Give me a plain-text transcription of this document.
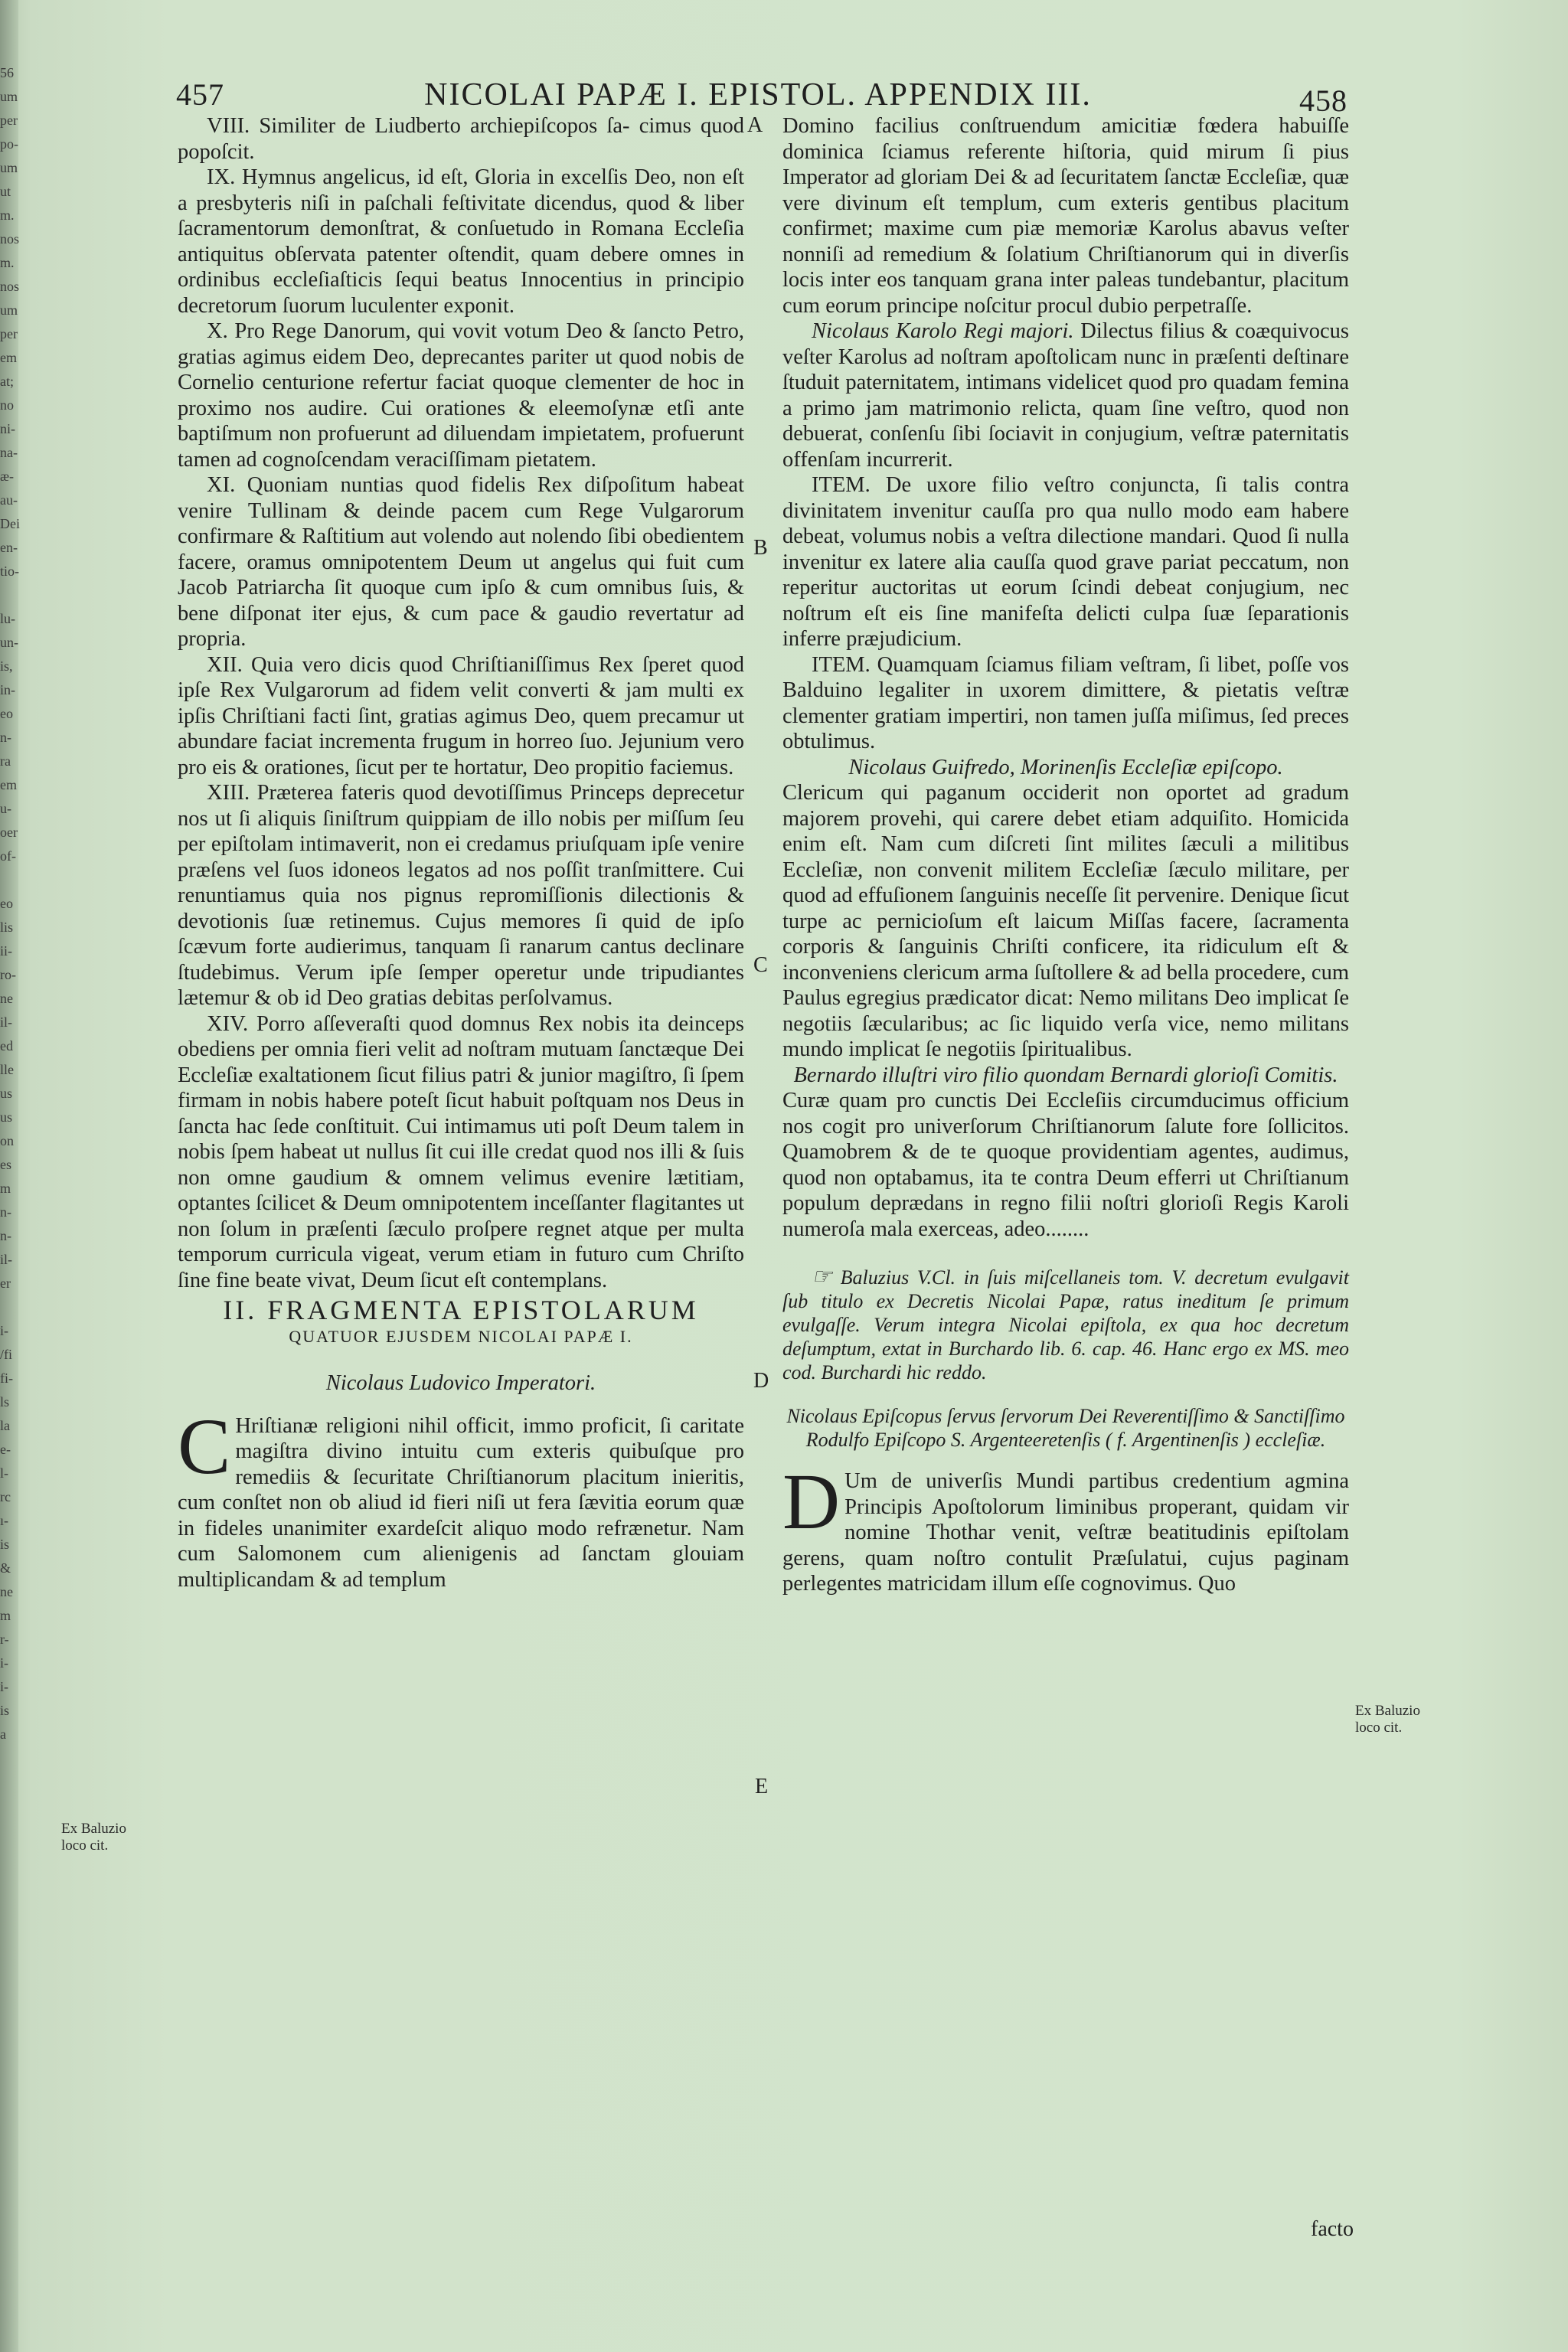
56
um
per
po-
um
ut
m.
nos
m.
nos
um
per
em
at;
no
ni-
na-
æ-
au-
Dei
en-
tio-
lu-
un-
is,
in-
eo
n-
ra
em
u-
oer
of-
eo
lis
ii-
ro-
ne
il-
ed
lle
us
us
on
es
m
n-
n-
il-
er
i-
/fi
fi-
ls
la
e-
l-
rc
ı-
is
&
ne
m
r-
i-
i-
is
a
457	NICOLAI PAPÆ I. EPISTOL. APPENDIX III.	458
A
B
C
D
E
Ex Baluzio loco cit.
Ex Baluzio loco cit.

VIII. Similiter de Liudberto archiepiſcopos ſa- cimus quod popoſcit.

IX. Hymnus angelicus, id eſt, Gloria in excelſis Deo, non eſt a presbyteris niſi in paſchali feſtivitate dicendus, quod & liber ſacramentorum demonſtrat, & conſuetudo in Romana Eccleſia antiquitus obſervata patenter oſtendit, quam debere omnes in ordinibus eccleſiaſticis ſequi beatus Innocentius in principio decretorum ſuorum luculenter exponit.

X. Pro Rege Danorum, qui vovit votum Deo & ſancto Petro, gratias agimus eidem Deo, deprecantes pariter ut quod nobis de Cornelio centurione refertur faciat quoque clementer de hoc in proximo nos audire. Cui orationes & eleemoſynæ etſi ante baptiſmum non profuerunt ad diluendam impietatem, profuerunt tamen ad cognoſcendam veraciſſimam pietatem.

XI. Quoniam nuntias quod fidelis Rex diſpoſitum habeat venire Tullinam & deinde pacem cum Rege Vulgarorum confirmare & Raſtitium aut volendo aut nolendo ſibi obedientem facere, oramus omnipotentem Deum ut angelus qui fuit cum Jacob Patriarcha ſit quoque cum ipſo & cum omnibus ſuis, & bene diſponat iter ejus, & cum pace & gaudio revertatur ad propria.

XII. Quia vero dicis quod Chriſtianiſſimus Rex ſperet quod ipſe Rex Vulgarorum ad fidem velit converti & jam multi ex ipſis Chriſtiani facti ſint, gratias agimus Deo, quem precamur ut abundare faciat incrementa frugum in horreo ſuo. Jejunium vero pro eis & orationes, ſicut per te hortatur, Deo propitio faciemus.

XIII. Præterea fateris quod devotiſſimus Princeps deprecetur nos ut ſi aliquis ſiniſtrum quippiam de illo nobis per miſſum ſeu per epiſtolam intimaverit, non ei credamus priuſquam ipſe venire præſens vel ſuos idoneos legatos ad nos poſſit tranſmittere. Cui renuntiamus quia nos pignus repromiſſionis dilectionis & devotionis ſuæ retinemus. Cujus memores ſi quid de ipſo ſcævum forte audierimus, tanquam ſi ranarum cantus declinare ſtudebimus. Verum ipſe ſemper operetur unde tripudiantes lætemur & ob id Deo gratias debitas perſolvamus.

XIV. Porro aſſeveraſti quod domnus Rex nobis ita deinceps obediens per omnia fieri velit ad noſtram mutuam ſanctæque Dei Eccleſiæ exaltationem ſicut filius patri & junior magiſtro, ſi ſpem firmam in nobis habere poteſt ſicut habuit poſtquam nos Deus in ſancta hac ſede conſtituit. Cui intimamus uti poſt Deum talem in nobis ſpem habeat ut nullus ſit cui ille credat quod nos illi & ſuis non omne gaudium & omnem velimus evenire lætitiam, optantes ſcilicet & Deum omnipotentem inceſſanter flagitantes ut non ſolum in præſenti ſæculo proſpere regnet atque per multa temporum curricula vigeat, verum etiam in futuro cum Chriſto ſine fine beate vivat, Deum ſicut eſt contemplans.

II. FRAGMENTA EPISTOLARUM

QUATUOR EJUSDEM NICOLAI PAPÆ I.

Nicolaus Ludovico Imperatori.

C Hriſtianæ religioni nihil officit, immo proficit, ſi caritate magiſtra divino intuitu cum exteris quibuſque pro remediis & ſecuritate Chriſtianorum placitum inieritis, cum conſtet non ob aliud id fieri niſi ut fera ſævitia eorum quæ in fideles unanimiter exardeſcit aliquo modo refrænetur. Nam cum Salomonem cum alienigenis ad ſanctam glouiam multiplicandam & ad templum

Domino facilius conſtruendum amicitiæ fœdera habuiſſe dominica ſciamus referente hiſtoria, quid mirum ſi pius Imperator ad gloriam Dei & ad ſecuritatem ſanctæ Eccleſiæ, quæ vere divinum eſt templum, cum exteris gentibus placitum confirmet; maxime cum piæ memoriæ Karolus abavus veſter nonniſi ad remedium & ſolatium Chriſtianorum qui in diverſis locis inter eos tanquam grana inter paleas tundebantur, placitum cum eorum principe noſcitur procul dubio perpetraſſe.

Nicolaus Karolo Regi majori. Dilectus filius & coæquivocus veſter Karolus ad noſtram apoſtolicam nunc in præſenti deſtinare ſtuduit paternitatem, intimans videlicet quod pro quadam femina a primo jam matrimonio relicta, quam ſine veſtro, quod non debuerat, conſenſu ſibi ſociavit in conjugium, veſtræ paternitatis offenſam incurrerit.

ITEM. De uxore filio veſtro conjuncta, ſi talis contra divinitatem invenitur cauſſa pro qua nullo modo eam habere debeat, volumus nobis a veſtra dilectione mandari. Quod ſi nulla invenitur ex latere alia cauſſa quod grave pariat peccatum, non reperitur auctoritas ut eorum ſcindi debeat conjugium, nec noſtrum eſt eis ſine manifeſta delicti culpa ſuæ ſeparationis inferre præjudicium.

ITEM. Quamquam ſciamus filiam veſtram, ſi libet, poſſe vos Balduino legaliter in uxorem dimittere, & pietatis veſtræ clementer gratiam impertiri, non tamen juſſa miſimus, ſed preces obtulimus.

Nicolaus Guifredo, Morinenſis Eccleſiæ epiſcopo.

Clericum qui paganum occiderit non oportet ad gradum majorem provehi, qui carere debet etiam adquiſito. Homicida enim eſt. Nam cum diſcreti ſint milites ſæculi a militibus Eccleſiæ, non convenit militem Eccleſiæ ſæculo militare, per quod ad effuſionem ſanguinis neceſſe ſit pervenire. Denique ſicut turpe ac pernicioſum eſt laicum Miſſas facere, ſacramenta corporis & ſanguinis Chriſti conficere, ita ridiculum eſt & inconveniens clericum arma ſuſtollere & ad bella procedere, cum Paulus egregius prædicator dicat: Nemo militans Deo implicat ſe negotiis ſæcularibus; ac ſic liquido verſa vice, nemo militans mundo implicat ſe negotiis ſpiritualibus.

Bernardo illuſtri viro filio quondam Bernardi glorioſi Comitis.

Curæ quam pro cunctis Dei Eccleſiis circumducimus officium nos cogit pro univerſorum Chriſtianorum ſalute fore ſollicitos. Quamobrem & de te quoque providentiam agentes, audimus, quod non optabamus, ita te contra Deum efferri ut Chriſtianum populum deprædans in regno filii noſtri glorioſi Regis Karoli numeroſa mala exerceas, adeo........

☞ Baluzius V.Cl. in ſuis miſcellaneis tom. V. decretum evulgavit ſub titulo ex Decretis Nicolai Papæ, ratus ineditum ſe primum evulgaſſe. Verum integra Nicolai epiſtola, ex qua hoc decretum deſumptum, extat in Burchardo lib. 6. cap. 46. Hanc ergo ex MS. meo cod. Burchardi hic reddo.

Nicolaus Epiſcopus ſervus ſervorum Dei Reverentiſſimo & Sanctiſſimo Rodulfo Epiſcopo S. Argenteeretenſis ( f. Argentinenſis ) eccleſiæ.

D Um de univerſis Mundi partibus credentium agmina Principis Apoſtolorum liminibus properant, quidam vir nomine Thothar venit, veſtræ beatitudinis epiſtolam gerens, quam noſtro contulit Præſulatui, cujus paginam perlegentes matricidam illum eſſe cognovimus. Quo

facto
